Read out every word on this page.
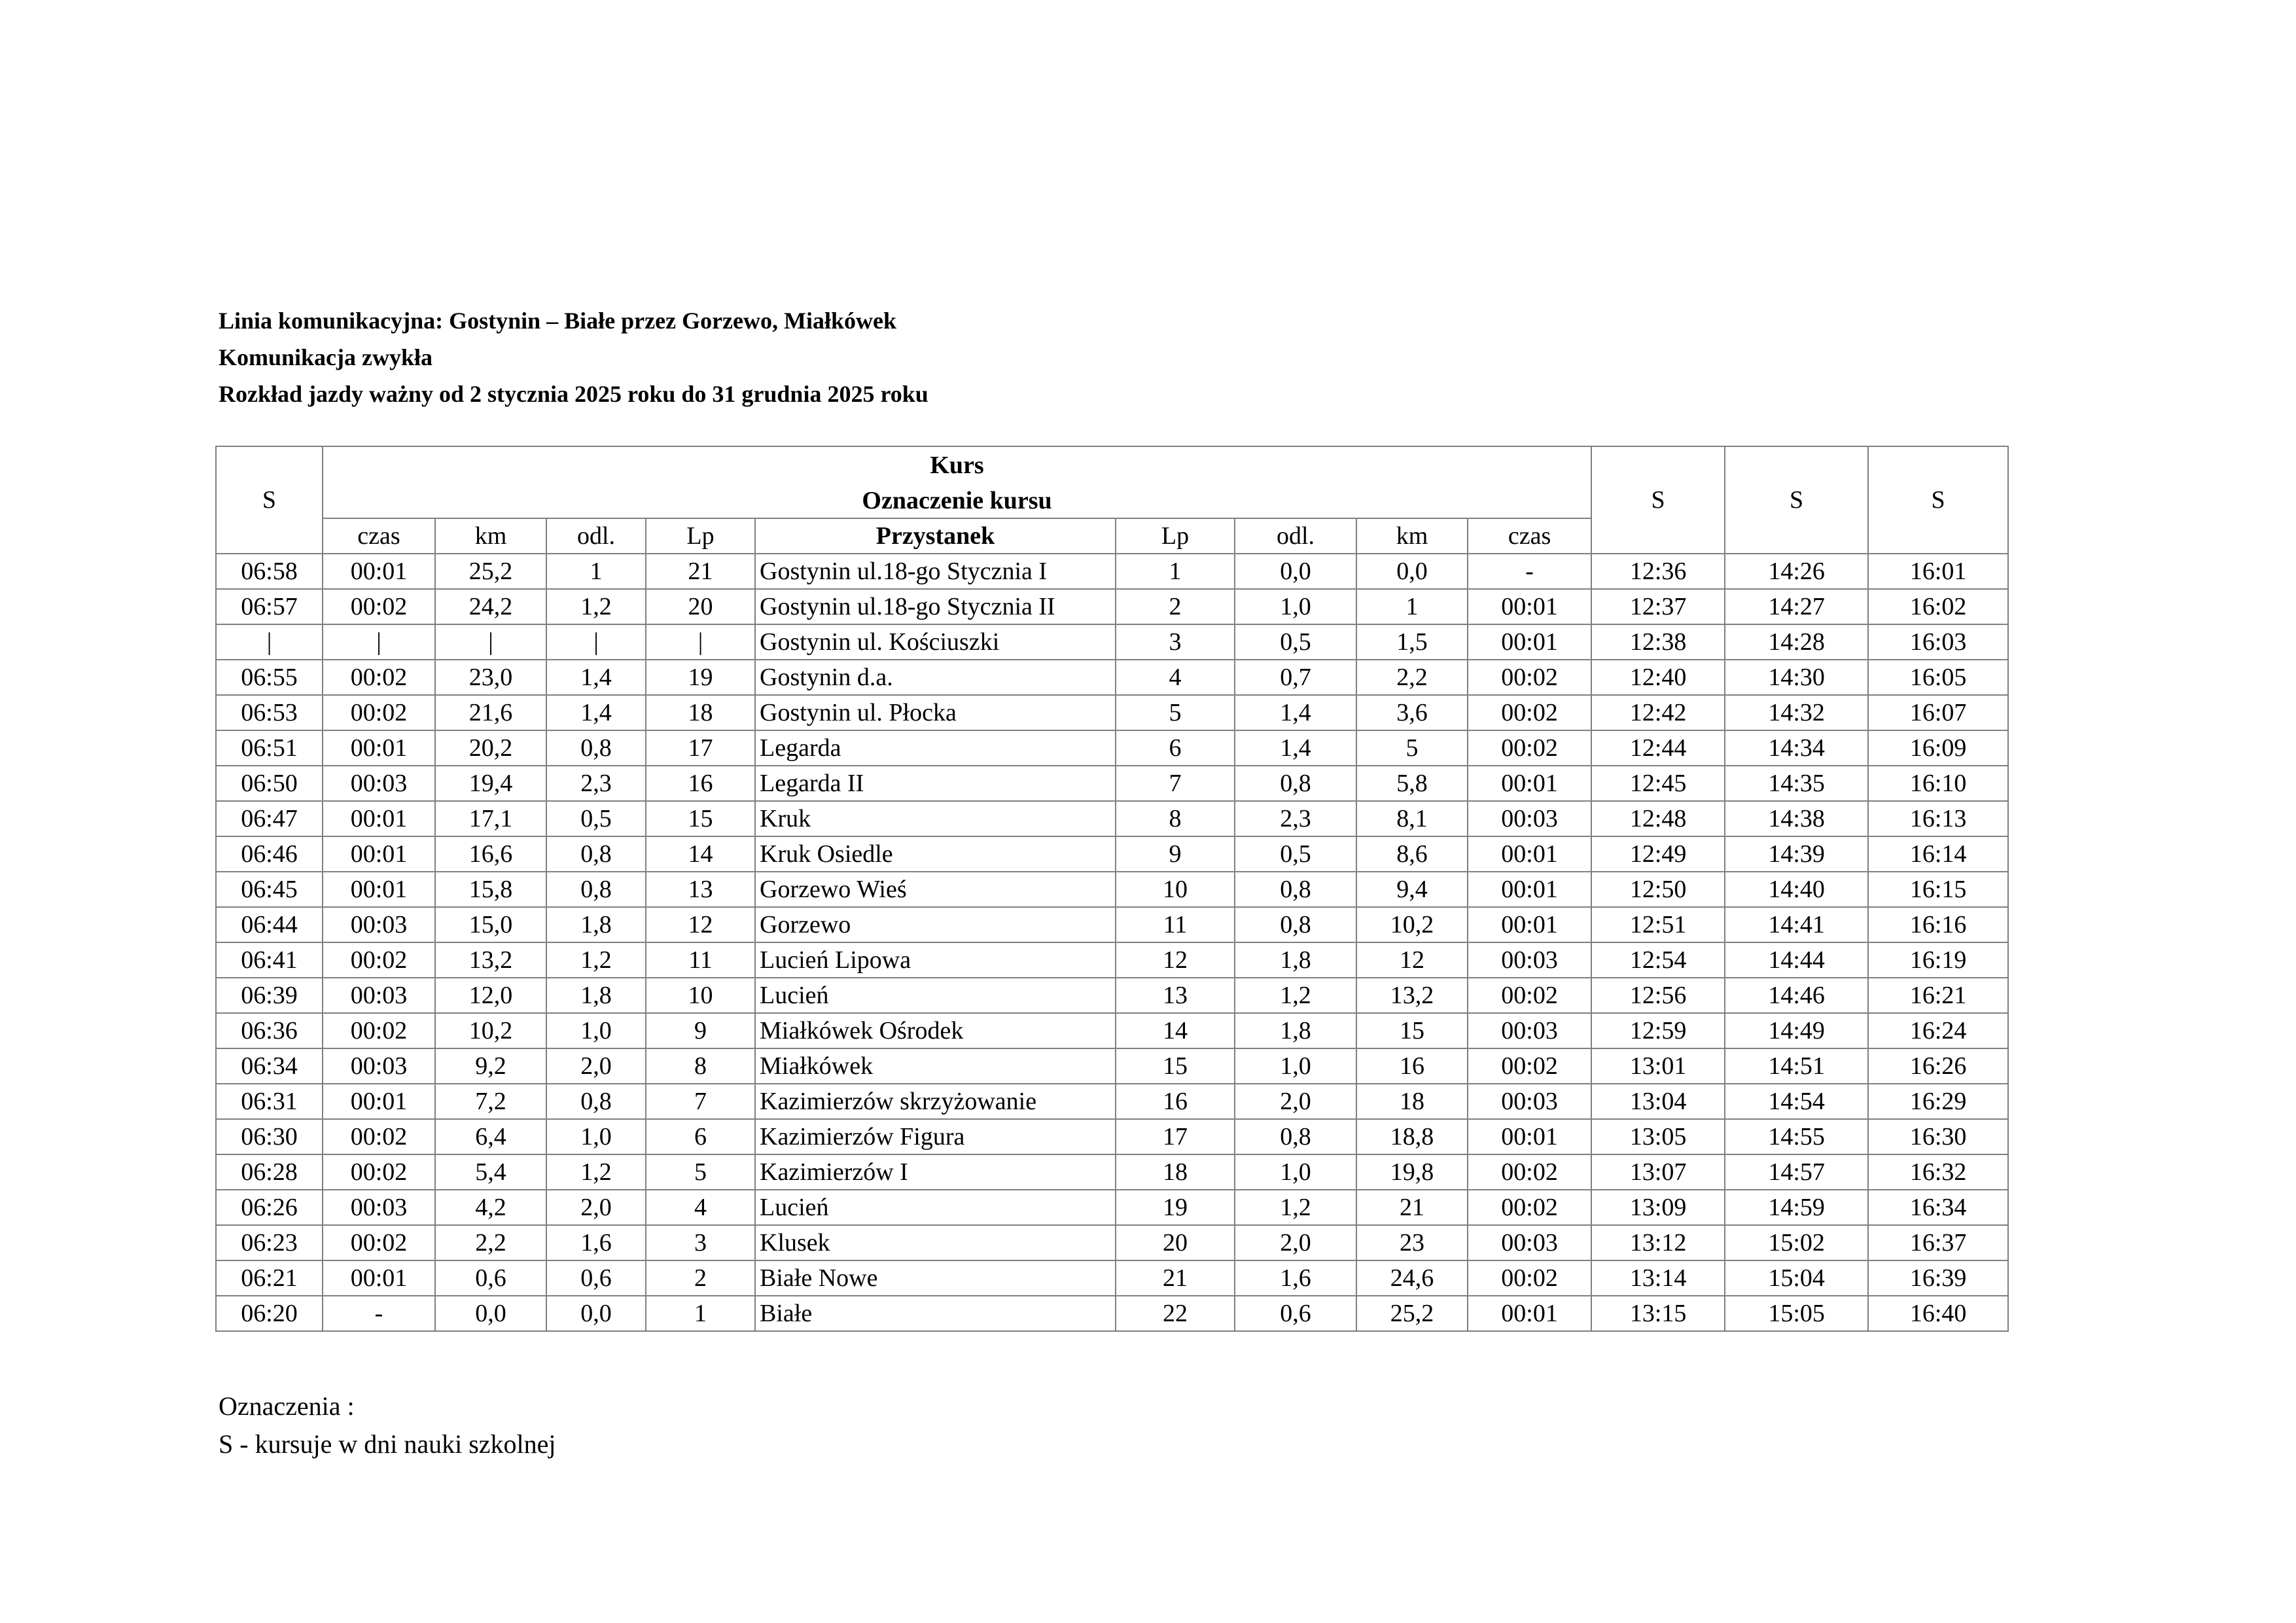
Linia komunikacyjna: Gostynin – Białe przez Gorzewo, Miałkówek
Komunikacja zwykła
Rozkład jazdy ważny od 2 stycznia 2025 roku do 31 grudnia 2025 roku
S	Kurs									S	S	S
	Oznaczenie kursu											
	czas	km	odl.	Lp	Przystanek	Lp	odl.	km	czas			
06:58	00:01	25,2	1	21	Gostynin ul.18-go Stycznia I	1	0,0	0,0	-	12:36	14:26	16:01
06:57	00:02	24,2	1,2	20	Gostynin ul.18-go Stycznia II	2	1,0	1	00:01	12:37	14:27	16:02
|	|	|	|	|	Gostynin ul. Kościuszki	3	0,5	1,5	00:01	12:38	14:28	16:03
06:55	00:02	23,0	1,4	19	Gostynin d.a.	4	0,7	2,2	00:02	12:40	14:30	16:05
06:53	00:02	21,6	1,4	18	Gostynin ul. Płocka	5	1,4	3,6	00:02	12:42	14:32	16:07
06:51	00:01	20,2	0,8	17	Legarda	6	1,4	5	00:02	12:44	14:34	16:09
06:50	00:03	19,4	2,3	16	Legarda II	7	0,8	5,8	00:01	12:45	14:35	16:10
06:47	00:01	17,1	0,5	15	Kruk	8	2,3	8,1	00:03	12:48	14:38	16:13
06:46	00:01	16,6	0,8	14	Kruk Osiedle	9	0,5	8,6	00:01	12:49	14:39	16:14
06:45	00:01	15,8	0,8	13	Gorzewo Wieś	10	0,8	9,4	00:01	12:50	14:40	16:15
06:44	00:03	15,0	1,8	12	Gorzewo	11	0,8	10,2	00:01	12:51	14:41	16:16
06:41	00:02	13,2	1,2	11	Lucień Lipowa	12	1,8	12	00:03	12:54	14:44	16:19
06:39	00:03	12,0	1,8	10	Lucień	13	1,2	13,2	00:02	12:56	14:46	16:21
06:36	00:02	10,2	1,0	9	Miałkówek Ośrodek	14	1,8	15	00:03	12:59	14:49	16:24
06:34	00:03	9,2	2,0	8	Miałkówek	15	1,0	16	00:02	13:01	14:51	16:26
06:31	00:01	7,2	0,8	7	Kazimierzów skrzyżowanie	16	2,0	18	00:03	13:04	14:54	16:29
06:30	00:02	6,4	1,0	6	Kazimierzów Figura	17	0,8	18,8	00:01	13:05	14:55	16:30
06:28	00:02	5,4	1,2	5	Kazimierzów I	18	1,0	19,8	00:02	13:07	14:57	16:32
06:26	00:03	4,2	2,0	4	Lucień	19	1,2	21	00:02	13:09	14:59	16:34
06:23	00:02	2,2	1,6	3	Klusek	20	2,0	23	00:03	13:12	15:02	16:37
06:21	00:01	0,6	0,6	2	Białe Nowe	21	1,6	24,6	00:02	13:14	15:04	16:39
06:20	-	0,0	0,0	1	Białe	22	0,6	25,2	00:01	13:15	15:05	16:40
Oznaczenia :
S - kursuje w dni nauki szkolnej
